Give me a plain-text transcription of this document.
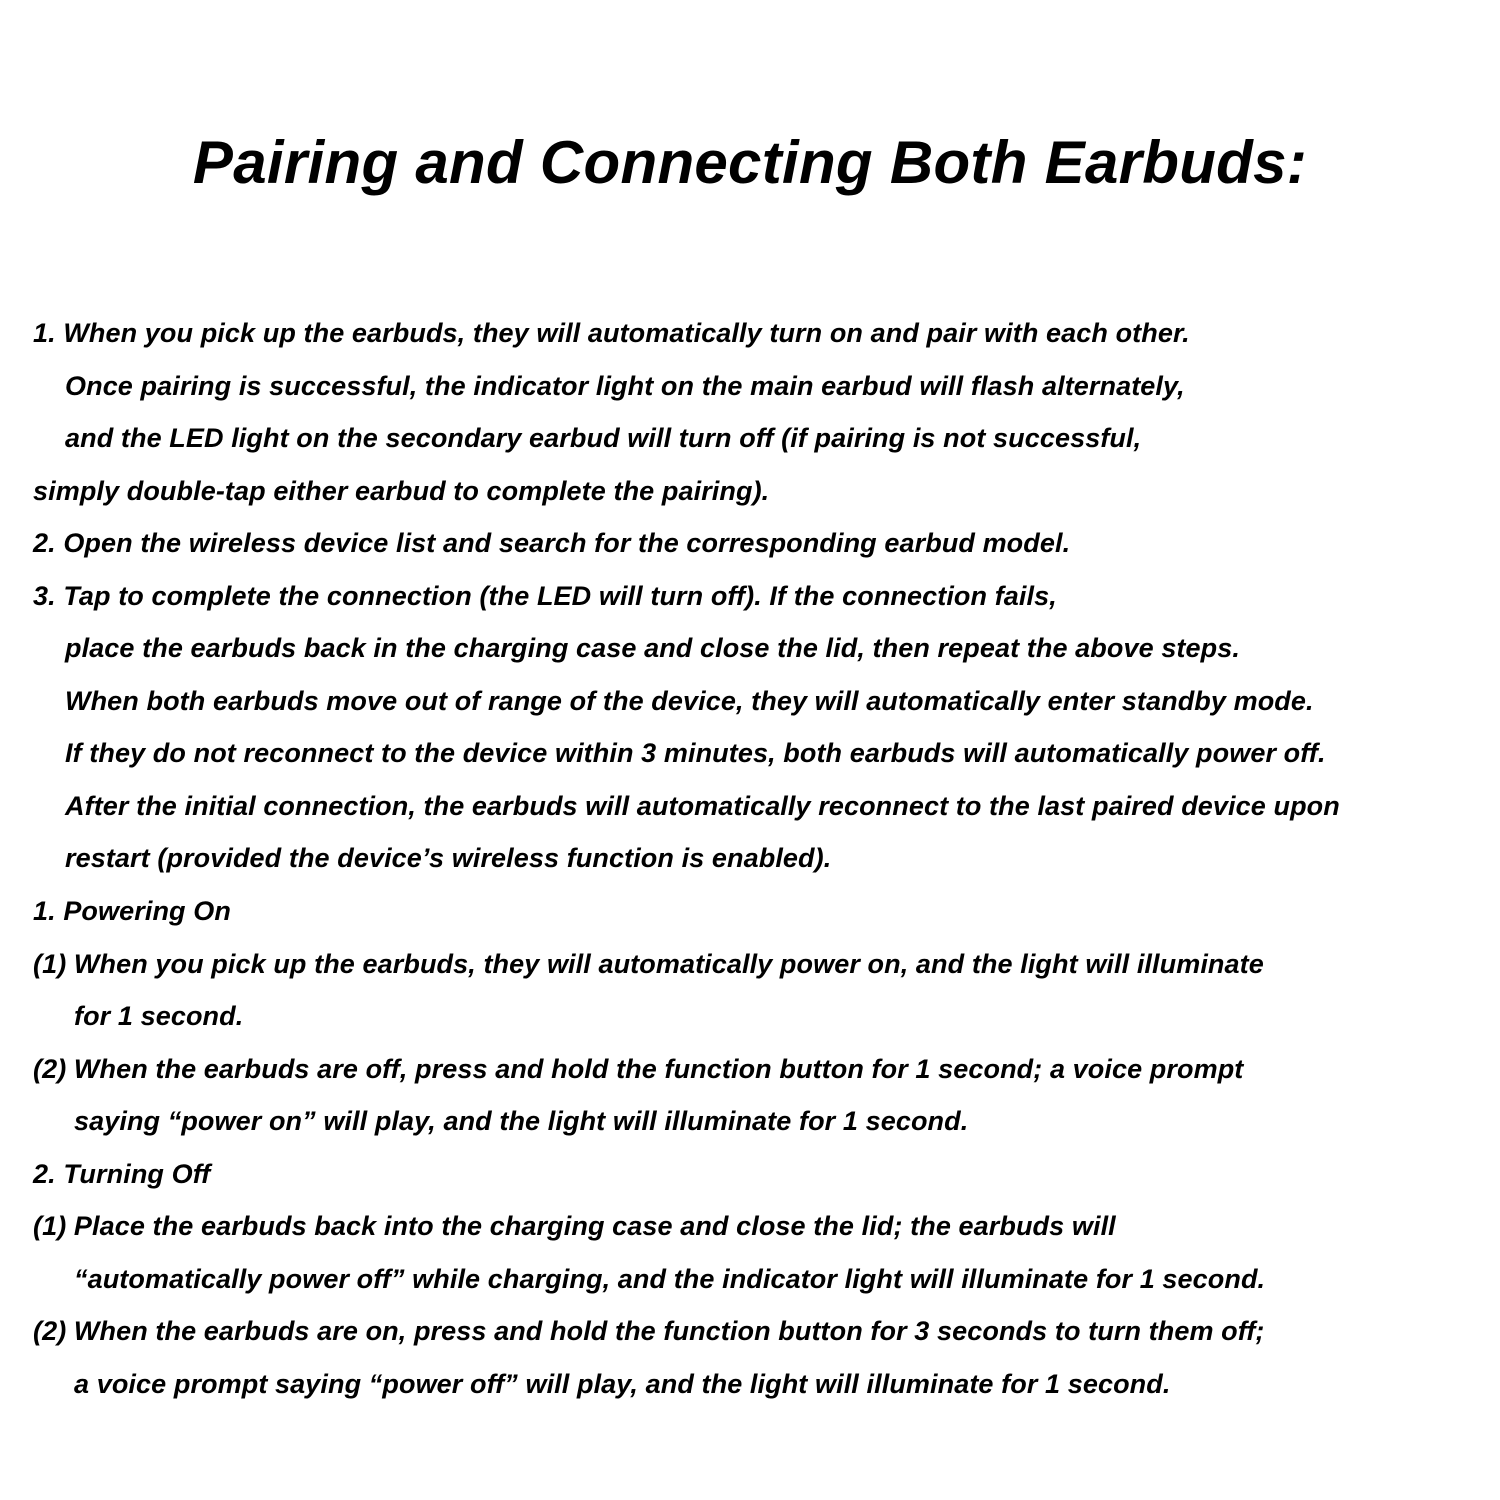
Pairing and Connecting Both Earbuds:
1. When you pick up the earbuds, they will automatically turn on and pair with each other.
Once pairing is successful, the indicator light on the main earbud will flash alternately,
and the LED light on the secondary earbud will turn off (if pairing is not successful,
simply double-tap either earbud to complete the pairing).
2. Open the wireless device list and search for the corresponding earbud model.
3. Tap to complete the connection (the LED will turn off). If the connection fails,
place the earbuds back in the charging case and close the lid, then repeat the above steps.
When both earbuds move out of range of the device, they will automatically enter standby mode.
If they do not reconnect to the device within 3 minutes, both earbuds will automatically power off.
After the initial connection, the earbuds will automatically reconnect to the last paired device upon
restart (provided the device’s wireless function is enabled).
1. Powering On
(1) When you pick up the earbuds, they will automatically power on, and the light will illuminate
for 1 second.
(2) When the earbuds are off, press and hold the function button for 1 second; a voice prompt
saying “power on” will play, and the light will illuminate for 1 second.
2. Turning Off
(1) Place the earbuds back into the charging case and close the lid; the earbuds will
“automatically power off” while charging, and the indicator light will illuminate for 1 second.
(2) When the earbuds are on, press and hold the function button for 3 seconds to turn them off;
a voice prompt saying “power off” will play, and the light will illuminate for 1 second.
